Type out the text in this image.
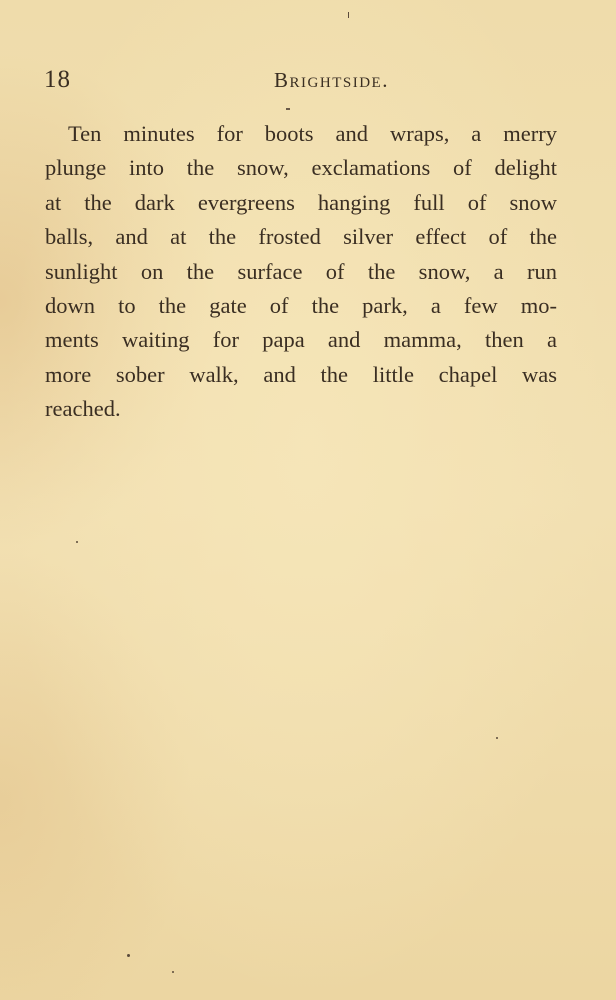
18	Brightside.
Ten minutes for boots and wraps, a merry
plunge into the snow, exclamations of delight
at the dark evergreens hanging full of snow
balls, and at the frosted silver effect of the
sunlight on the surface of the snow, a run
down to the gate of the park, a few mo-
ments waiting for papa and mamma, then a
more sober walk, and the little chapel was
reached.
